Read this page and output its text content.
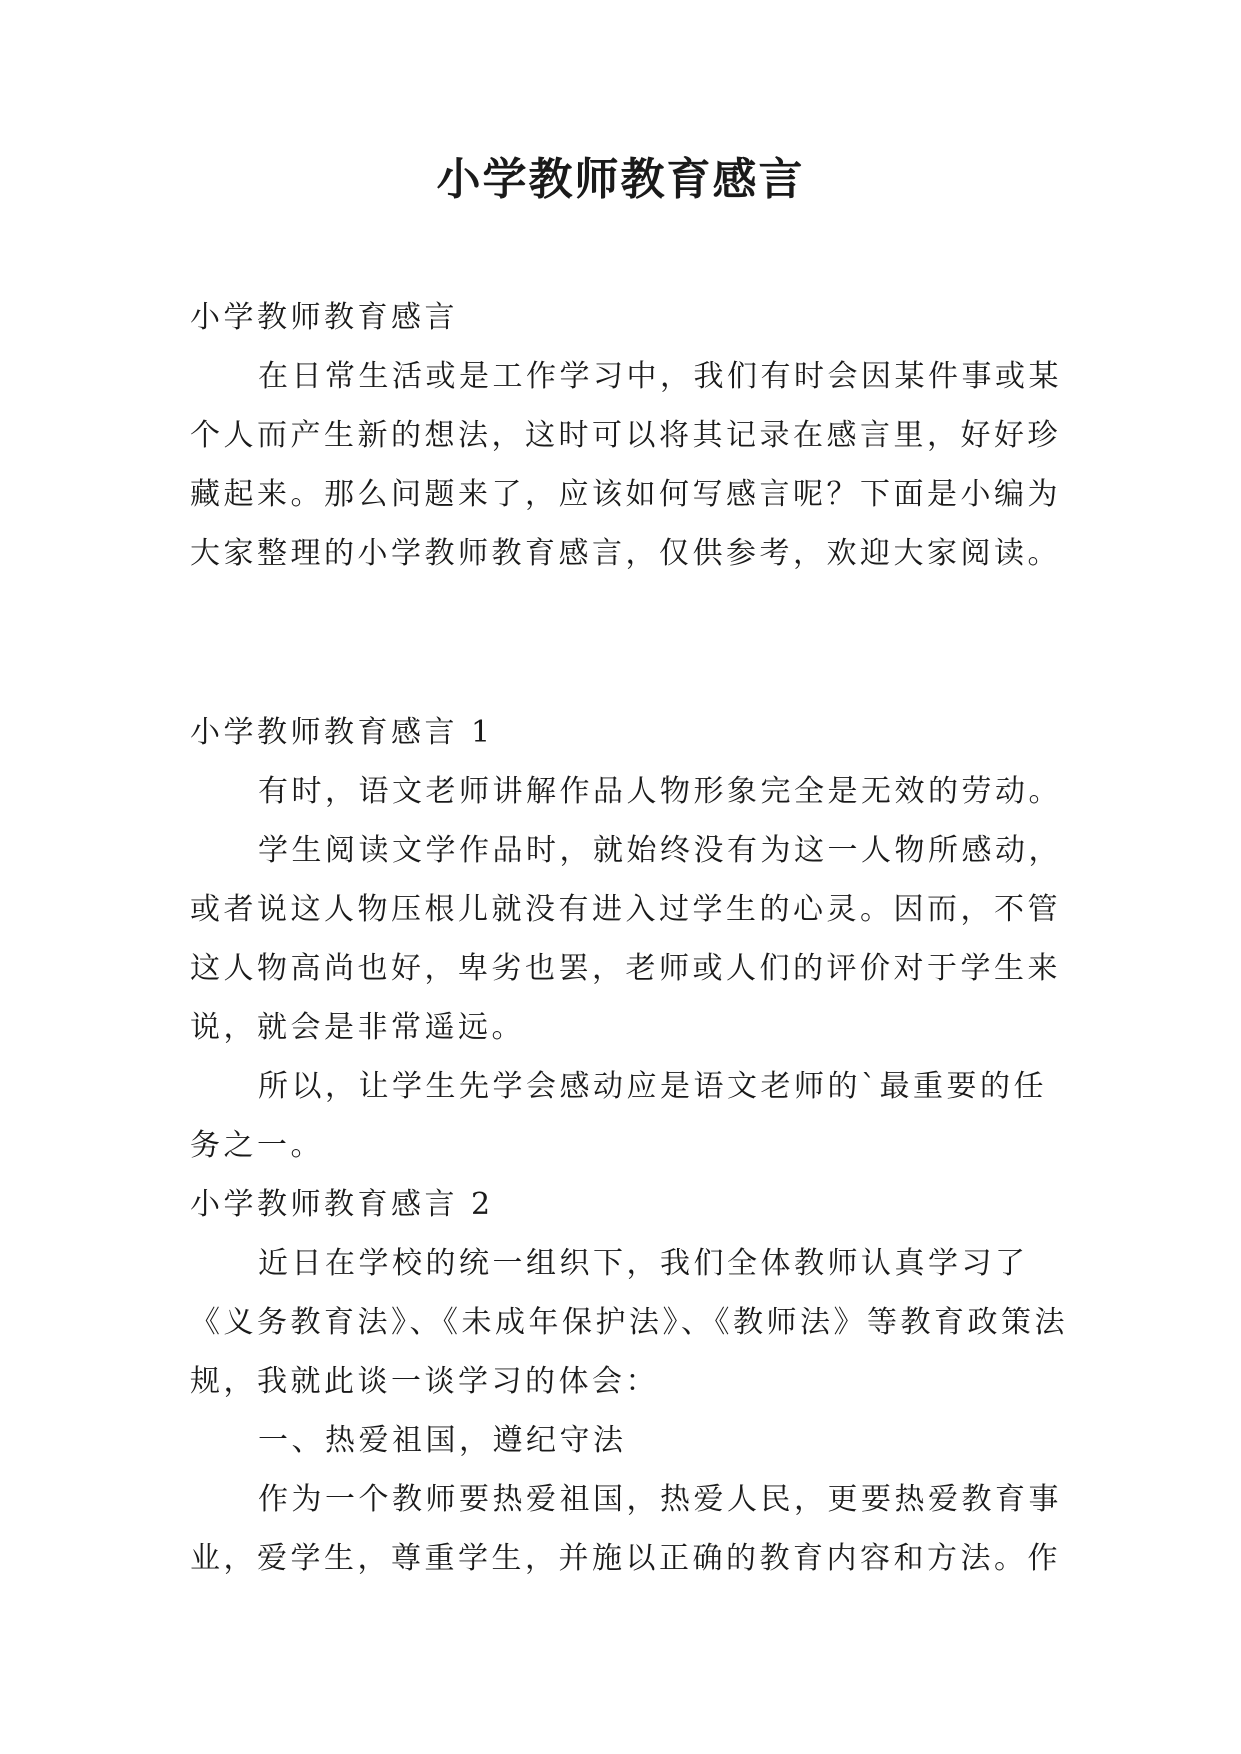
小学教师教育感言

小学教师教育感言

在日常生活或是工作学习中，我们有时会因某件事或某

个人而产生新的想法，这时可以将其记录在感言里，好好珍

藏起来。那么问题来了，应该如何写感言呢？下面是小编为

大家整理的小学教师教育感言，仅供参考，欢迎大家阅读。

小学教师教育感言 1

有时，语文老师讲解作品人物形象完全是无效的劳动。

学生阅读文学作品时，就始终没有为这一人物所感动，

或者说这人物压根儿就没有进入过学生的心灵。因而，不管

这人物高尚也好，卑劣也罢，老师或人们的评价对于学生来

说，就会是非常遥远。

所以，让学生先学会感动应是语文老师的`最重要的任

务之一。

小学教师教育感言 2

近日在学校的统一组织下，我们全体教师认真学习了

《义务教育法》、《未成年保护法》、《教师法》等教育政策法

规，我就此谈一谈学习的体会：

一、热爱祖国，遵纪守法

作为一个教师要热爱祖国，热爱人民，更要热爱教育事

业，爱学生，尊重学生，并施以正确的教育内容和方法。作
